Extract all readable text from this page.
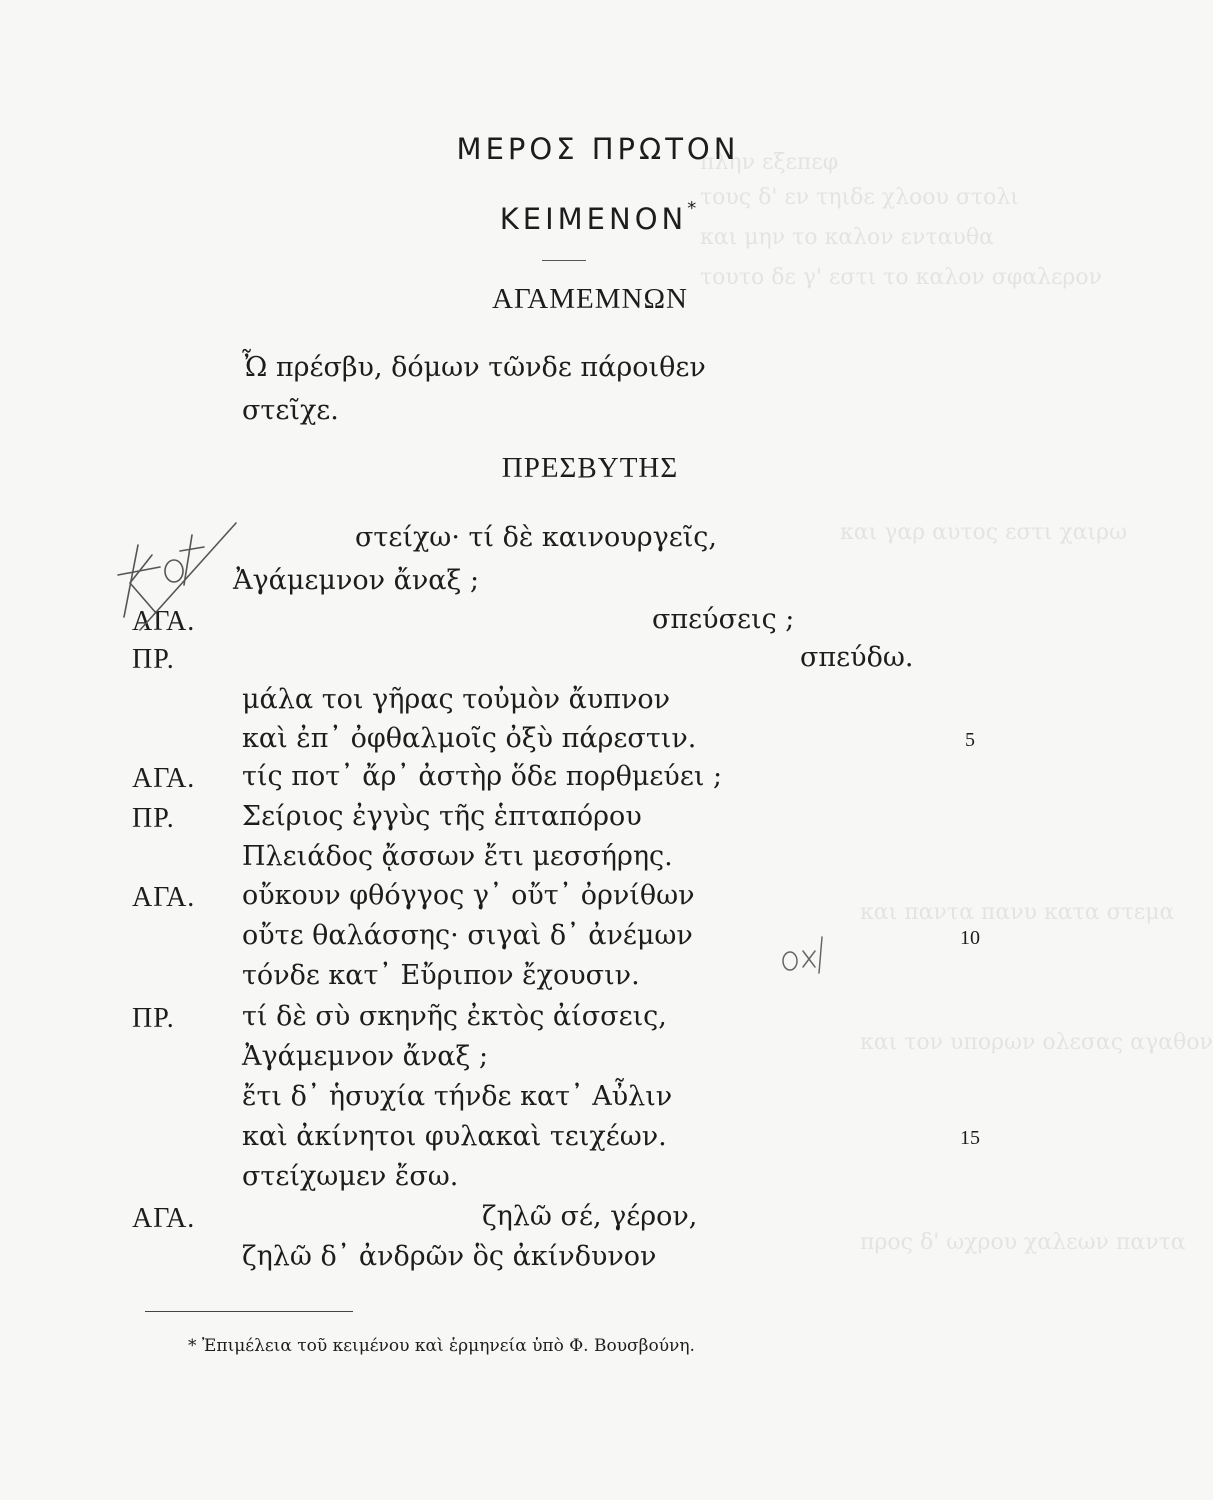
πλην εξεπεφ
τους δ' εν τηιδε χλοου στολι
και μην το καλον ενταυθα
τουτο δε γ' εστι το καλον σφαλερον
και γαρ αυτος εστι χαιρω
και παντα πανυ κατα στεμα
και τον υπορων ολεσας αγαθον
προς δ' ωχρου χαλεων παντα
ΜΕΡΟΣ ΠΡΩΤΟΝ
ΚΕΙΜΕΝΟΝ*
ΑΓΑΜΕΜΝΩΝ
Ὦ πρέσβυ, δόμων τῶνδε πάροιθεν
στεῖχε.
ΠΡΕΣΒΥΤΗΣ
στείχω· τί δὲ καινουργεῖς,
Ἀγάμεμνον ἄναξ ;
ΑΓΑ.	σπεύσεις ;
ΠΡ.	σπεύδω.
μάλα τοι γῆρας τοὐμὸν ἄυπνον
καὶ ἐπ᾽ ὀφθαλμοῖς ὀξὺ πάρεστιν.	5
ΑΓΑ. τίς ποτ᾽ ἄρ᾽ ἀστὴρ ὅδε πορθμεύει ;
ΠΡ. Σείριος ἐγγὺς τῆς ἑπταπόρου
Πλειάδος ᾄσσων ἔτι μεσσήρης.
ΑΓΑ. οὔκουν φθόγγος γ᾽ οὔτ᾽ ὀρνίθων
οὔτε θαλάσσης· σιγαὶ δ᾽ ἀνέμων	10
τόνδε κατ᾽ Εὔριπον ἔχουσιν.
ΠΡ. τί δὲ σὺ σκηνῆς ἐκτὸς ἀίσσεις,
Ἀγάμεμνον ἄναξ ;
ἔτι δ᾽ ἡσυχία τήνδε κατ᾽ Αὖλιν
καὶ ἀκίνητοι φυλακαὶ τειχέων.	15
στείχωμεν ἔσω.
ΑΓΑ.	ζηλῶ σέ, γέρον,
ζηλῶ δ᾽ ἀνδρῶν ὃς ἀκίνδυνον
* Ἐπιμέλεια τοῦ κειμένου καὶ ἑρμηνεία ὑπὸ Φ. Βουσβούνη.
